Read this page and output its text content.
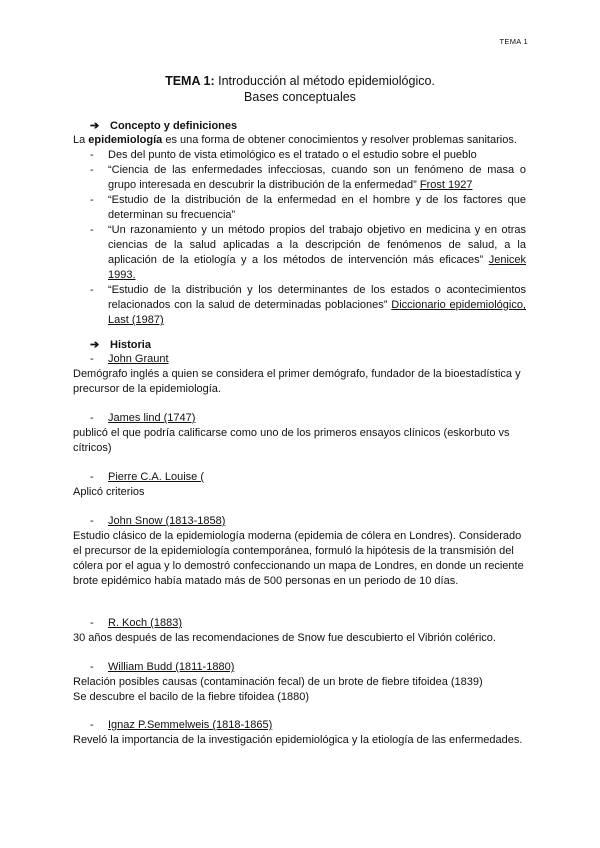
TEMA 1
TEMA 1: Introducción al método epidemiológico.
Bases conceptuales
➔ Concepto y definiciones
La epidemiología es una forma de obtener conocimientos y resolver problemas sanitarios.
- Des del punto de vista etimológico es el tratado o el estudio sobre el pueblo
- “Ciencia de las enfermedades infecciosas, cuando son un fenómeno de masa o grupo interesada en descubrir la distribución de la enfermedad” Frost 1927
- “Estudio de la distribución de la enfermedad en el hombre y de los factores que determinan su frecuencia”
- “Un razonamiento y un método propios del trabajo objetivo en medicina y en otras ciencias de la salud aplicadas a la descripción de fenómenos de salud, a la aplicación de la etiología y a los métodos de intervención más eficaces” Jenicek 1993.
- “Estudio de la distribución y los determinantes de los estados o acontecimientos relacionados con la salud de determinadas poblaciones” Diccionario epidemiológico, Last (1987)
➔ Historia
- John Graunt
Demógrafo inglés a quien se considera el primer demógrafo, fundador de la bioestadística y precursor de la epidemiología.
- James lind (1747)
publicó el que podría calificarse como uno de los primeros ensayos clínicos (eskorbuto vs cítricos)
- Pierre C.A. Louise (
Aplicó criterios
- John Snow (1813-1858)
Estudio clásico de la epidemiología moderna (epidemia de cólera en Londres). Considerado el precursor de la epidemiología contemporánea, formuló la hipótesis de la transmisión del cólera por el agua y lo demostró confeccionando un mapa de Londres, en donde un reciente brote epidémico había matado más de 500 personas en un periodo de 10 días.
- R. Koch (1883)
30 años después de las recomendaciones de Snow fue descubierto el Vibrión colérico.
- William Budd (1811-1880)
Relación posibles causas (contaminación fecal) de un brote de fiebre tifoidea (1839) Se descubre el bacilo de la fiebre tifoidea (1880)
- Ignaz P.Semmelweis (1818-1865)
Reveló la importancia de la investigación epidemiológica y la etiología de las enfermedades.
